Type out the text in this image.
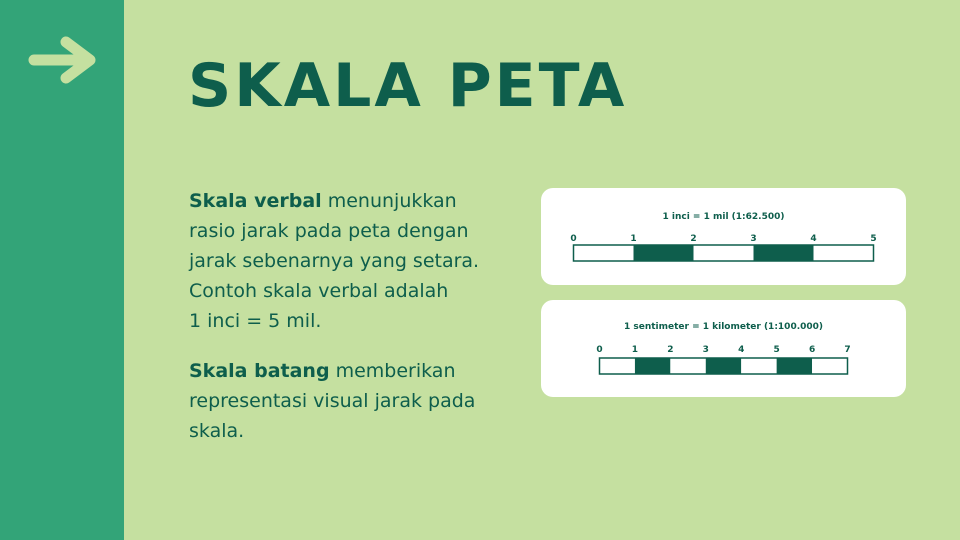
SKALA PETA

Skala verbal menunjukkan
rasio jarak pada peta dengan
jarak sebenarnya yang setara.
Contoh skala verbal adalah
1 inci = 5 mil.

Skala batang memberikan
representasi visual jarak pada
skala.

1 inci = 1 mil (1:62.500)
0	1	2	3	4	5
1 sentimeter = 1 kilometer (1:100.000)
0	1	2	3	4	5	6	7
